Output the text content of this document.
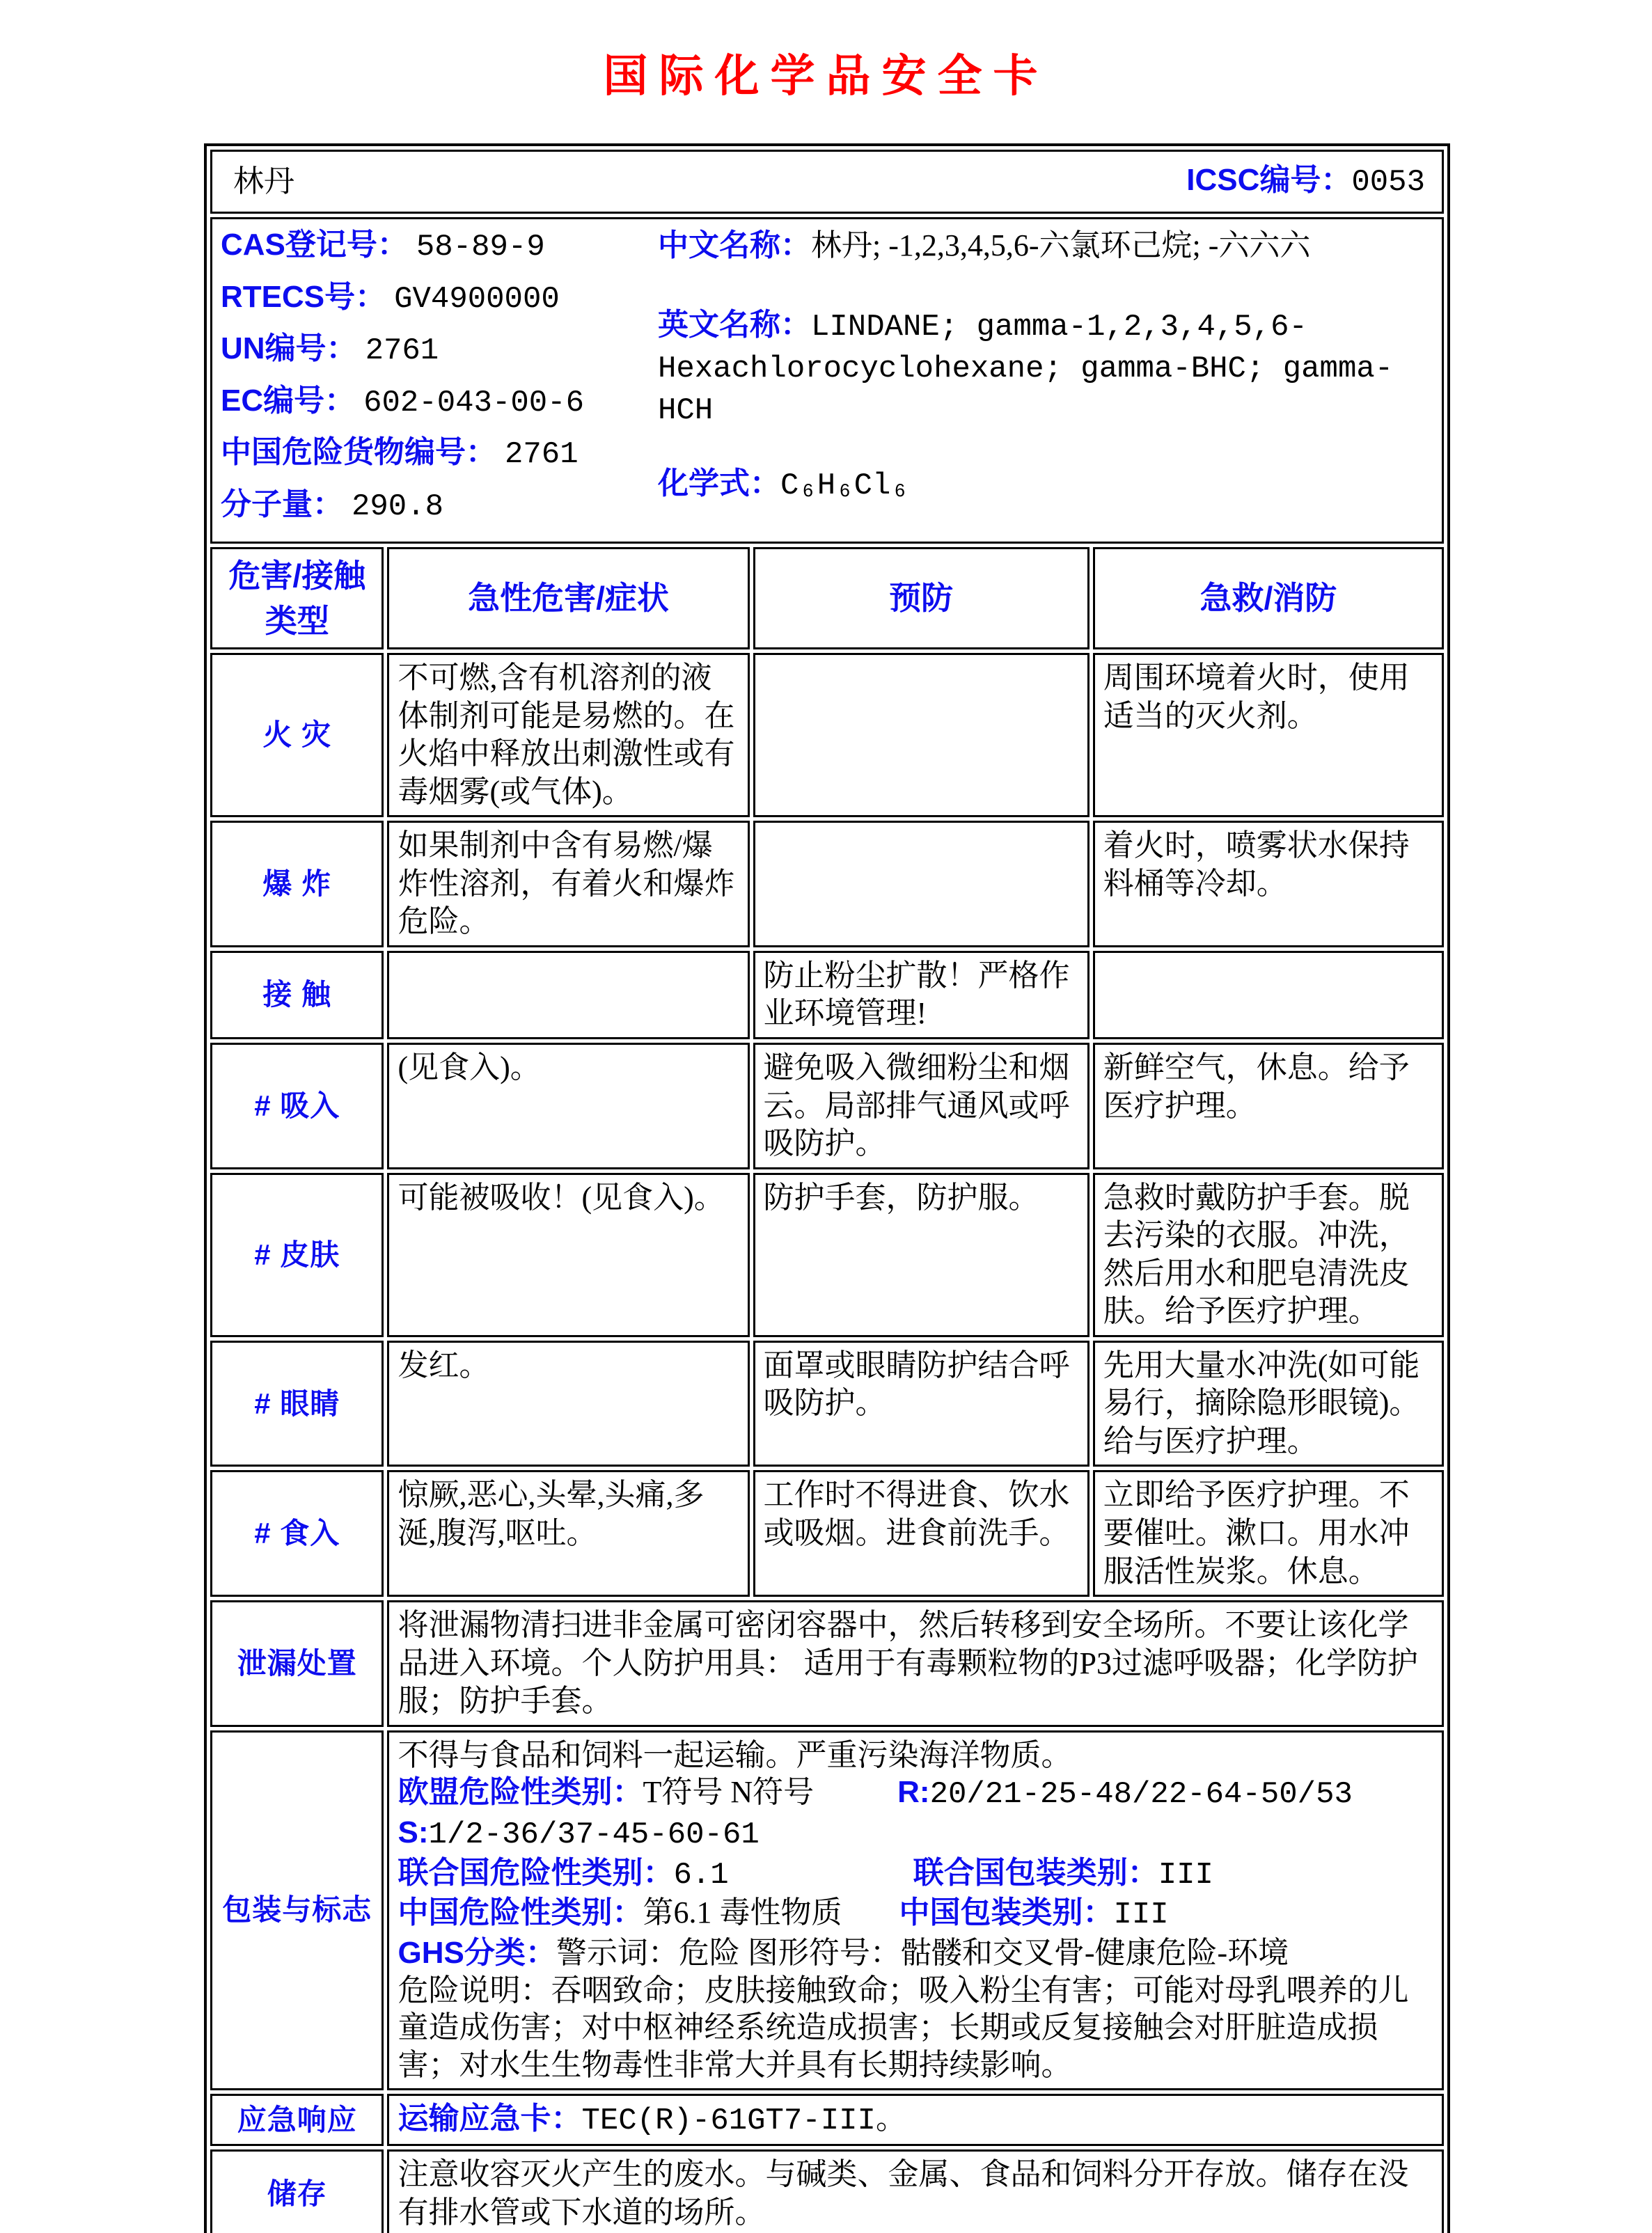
国际化学品安全卡
林丹 ICSC编号：0053			

CAS登记号： 58-89-9
RTECS号： GV4900000
UN编号： 2761
EC编号： 602-043-00-6
中国危险货物编号： 2761
分子量： 290.8

中文名称：林丹; -1,2,3,4,5,6-六氯环己烷; -六六六

英文名称：LINDANE; gamma-1,2,3,4,5,6-Hexachlorocyclohexane; gamma-BHC; gamma-HCH

化学式：C₆H₆Cl₆

危害/接触类型	急性危害/症状	预防	急救/消防
火 灾	不可燃,含有机溶剂的液体制剂可能是易燃的。在火焰中释放出刺激性或有毒烟雾(或气体)。		周围环境着火时，使用适当的灭火剂。
爆 炸	如果制剂中含有易燃/爆炸性溶剂，有着火和爆炸危险。		着火时，喷雾状水保持料桶等冷却。
接 触		防止粉尘扩散！严格作业环境管理!	
# 吸入	(见食入)。	避免吸入微细粉尘和烟云。局部排气通风或呼吸防护。	新鲜空气，休息。给予医疗护理。
# 皮肤	可能被吸收！(见食入)。	防护手套，防护服。	急救时戴防护手套。脱去污染的衣服。冲洗，然后用水和肥皂清洗皮肤。给予医疗护理。
# 眼睛	发红。	面罩或眼睛防护结合呼吸防护。	先用大量水冲洗(如可能易行，摘除隐形眼镜)。给与医疗护理。
# 食入	惊厥,恶心,头晕,头痛,多涎,腹泻,呕吐。	工作时不得进食、饮水或吸烟。进食前洗手。	立即给予医疗护理。不要催吐。漱口。用水冲服活性炭浆。休息。
泄漏处置	将泄漏物清扫进非金属可密闭容器中，然后转移到安全场所。不要让该化学品进入环境。个人防护用具： 适用于有毒颗粒物的P3过滤呼吸器；化学防护服；防护手套。		
包装与标志	

不得与食品和饲料一起运输。严重污染海洋物质。

欧盟危险性类别：T符号 N符号	R:20/21-25-48/22-64-50/53

S:1/2-36/37-45-60-61

联合国危险性类别：6.1	联合国包装类别：III

中国危险性类别：第6.1 毒性物质 中国包装类别：III

GHS分类：警示词：危险 图形符号：骷髅和交叉骨-健康危险-环境

危险说明：吞咽致命；皮肤接触致命；吸入粉尘有害；可能对母乳喂养的儿童造成伤害；对中枢神经系统造成损害；长期或反复接触会对肝脏造成损害；对水生生物毒性非常大并具有长期持续影响。

应急响应	运输应急卡：TEC(R)-61GT7-III。		
储存	注意收容灭火产生的废水。与碱类、金属、食品和饲料分开存放。储存在没有排水管或下水道的场所。		
